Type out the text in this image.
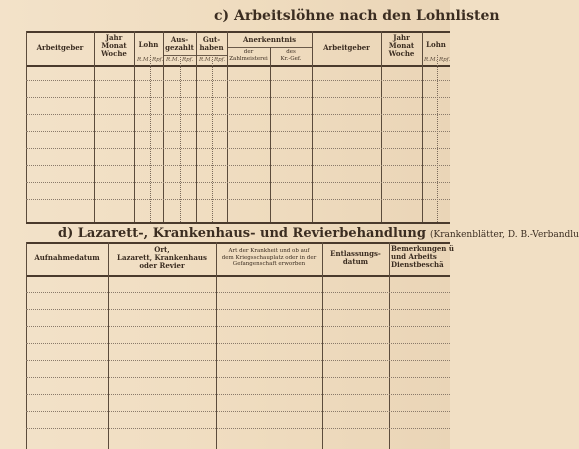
c) Arbeitslöhne nach den Lohnlisten
Arbeitgeber
Jahr
Monat
Woche
Lohn
Aus-
gezahlt
Gut-
haben
Anerkenntnis
der
Zahlmeisterei
des
Kr.-Gef.
Arbeitgeber
Jahr
Monat
Woche
Lohn
R.M. Rpf. R.M. Rpf. R.M. Rpf.	R.M. Rpf.
d) Lazarett-, Krankenhaus- und Revierbehandlung (Krankenblätter, D. B.-Verbandlu
Aufnahmedatum
Ort,
Lazarett, Krankenhaus
oder Revier
Art der Krankheit und ob auf
dem Kriegsschauplatz oder in der
Gefangenschaft erworben
Entlassungs-
datum
Bemerkungen ü
und Arbeits
Dienstbeschä
